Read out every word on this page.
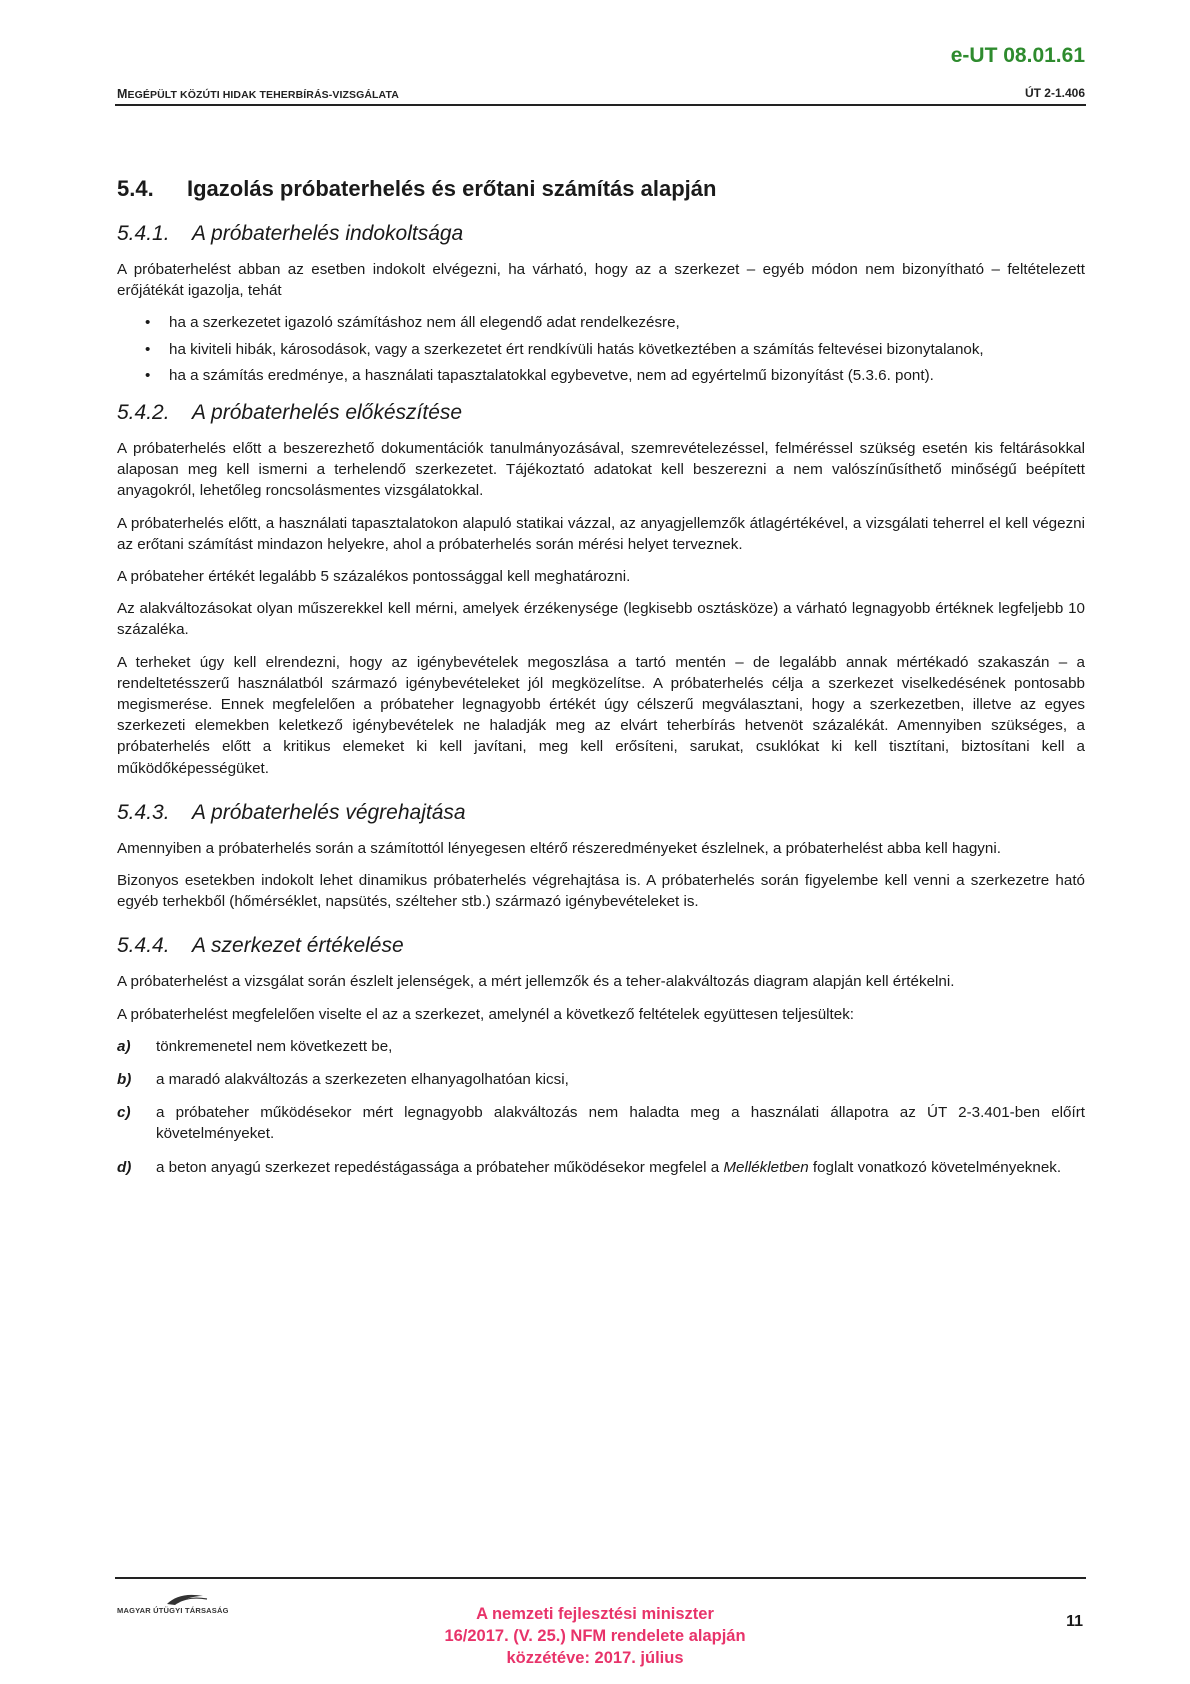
e-UT 08.01.61
MEGÉPÜLT KÖZÚTI HIDAK TEHERBÍRÁS-VIZSGÁLATA	ÚT 2-1.406
5.4. Igazolás próbaterhelés és erőtani számítás alapján
5.4.1. A próbaterhelés indokoltsága
A próbaterhelést abban az esetben indokolt elvégezni, ha várható, hogy az a szerkezet – egyéb módon nem bizonyítható – feltételezett erőjátékát igazolja, tehát
• ha a szerkezetet igazoló számításhoz nem áll elegendő adat rendelkezésre,
• ha kiviteli hibák, károsodások, vagy a szerkezetet ért rendkívüli hatás következtében a számítás feltevései bizonytalanok,
• ha a számítás eredménye, a használati tapasztalatokkal egybevetve, nem ad egyértelmű bizonyítást (5.3.6. pont).
5.4.2. A próbaterhelés előkészítése
A próbaterhelés előtt a beszerezhető dokumentációk tanulmányozásával, szemrevételezéssel, felméréssel szükség esetén kis feltárásokkal alaposan meg kell ismerni a terhelendő szerkezetet. Tájékoztató adatokat kell beszerezni a nem valószínűsíthető minőségű beépített anyagokról, lehetőleg roncsolásmentes vizsgálatokkal.
A próbaterhelés előtt, a használati tapasztalatokon alapuló statikai vázzal, az anyagjellemzők átlagértékével, a vizsgálati teherrel el kell végezni az erőtani számítást mindazon helyekre, ahol a próbaterhelés során mérési helyet terveznek.
A próbateher értékét legalább 5 százalékos pontossággal kell meghatározni.
Az alakváltozásokat olyan műszerekkel kell mérni, amelyek érzékenysége (legkisebb osztásköze) a várható legnagyobb értéknek legfeljebb 10 százaléka.
A terheket úgy kell elrendezni, hogy az igénybevételek megoszlása a tartó mentén – de legalább annak mértékadó szakaszán – a rendeltetésszerű használatból származó igénybevételeket jól megközelítse. A próbaterhelés célja a szerkezet viselkedésének pontosabb megismerése. Ennek megfelelően a próbateher legnagyobb értékét úgy célszerű megválasztani, hogy a szerkezetben, illetve az egyes szerkezeti elemekben keletkező igénybevételek ne haladják meg az elvárt teherbírás hetvenöt százalékát. Amennyiben szükséges, a próbaterhelés előtt a kritikus elemeket ki kell javítani, meg kell erősíteni, sarukat, csuklókat ki kell tisztítani, biztosítani kell a működőképességüket.
5.4.3. A próbaterhelés végrehajtása
Amennyiben a próbaterhelés során a számítottól lényegesen eltérő részeredményeket észlelnek, a próbaterhelést abba kell hagyni.
Bizonyos esetekben indokolt lehet dinamikus próbaterhelés végrehajtása is. A próbaterhelés során figyelembe kell venni a szerkezetre ható egyéb terhekből (hőmérséklet, napsütés, szélteher stb.) származó igénybevételeket is.
5.4.4. A szerkezet értékelése
A próbaterhelést a vizsgálat során észlelt jelenségek, a mért jellemzők és a teher-alakváltozás diagram alapján kell értékelni.
A próbaterhelést megfelelően viselte el az a szerkezet, amelynél a következő feltételek együttesen teljesültek:
a) tönkremenetel nem következett be,
b) a maradó alakváltozás a szerkezeten elhanyagolhatóan kicsi,
c) a próbateher működésekor mért legnagyobb alakváltozás nem haladta meg a használati állapotra az ÚT 2-3.401-ben előírt követelményeket.
d) a beton anyagú szerkezet repedéstágassága a próbateher működésekor megfelel a Mellékletben foglalt vonatkozó követelményeknek.
MAGYAR ÚTÜGYI TÁRSASÁG	A nemzeti fejlesztési miniszter
16/2017. (V. 25.) NFM rendelete alapján
közzétéve: 2017. július
11
